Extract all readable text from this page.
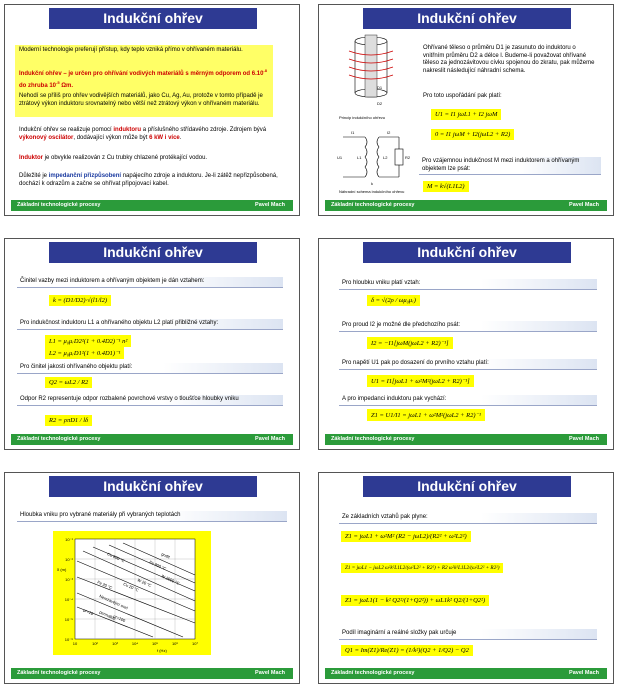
Indukční ohřev
Moderní technologie preferují přístup, kdy teplo vzniká přímo v ohřívaném materiálu.
Indukční ohřev – je určen pro ohřívání vodivých materiálů s měrným odporem od $6.10^{-8}$ do zhruba $10^{-5}$ Ωm.
Nehodí se příliš pro ohřev vodivějších materiálů, jako Cu, Ag, Au, protože v tomto případě je ztrátový výkon induktoru srovnatelný nebo větší než ztrátový výkon v ohřívaném materiálu.
Indukční ohřev se realizuje pomocí induktoru a příslušného střídavého zdroje. Zdrojem bývá výkonový oscilátor, dodávající výkon může být 6 kW i více.
Induktor je obvykle realizován z Cu trubky chlazené protékající vodou.
Důležité je impedanční přizpůsobení napájecího zdroje a induktoru. Je-li zátěž nepřizpůsobená, dochází k odrazům a začne se ohřívat připojovací kabel.
Základní technologické procesy	Pavel Mach
Indukční ohřev
D1
D2
Princip indukčního ohřevu
U1	L1	L2	R2
I1	I2
k
Náhradní schema indukčního ohřevu
Ohřívané těleso o průměru D1 je zasunuto do induktoru o vnitřním průměru D2 a délce l. Budeme-li považovat ohřívané těleso za jednozávitovou cívku spojenou do zkratu, pak můžeme nakreslit následující náhradní schema.
Pro toto uspořádání pak platí:
U1 = I1 jωL1 + I2 jωM
0 = I1 jωM + I2(jωL2 + R2)
Pro vzájemnou indukčnost M mezi induktorem a ohřívaným objektem lze psát:
M = k√(L1L2)
Základní technologické procesy	Pavel Mach
Indukční ohřev
Činitel vazby mezi induktorem a ohřívaným objektem je dán vztahem:
k = (D1/D2)·√(l1/l2)
Pro indukčnost induktoru L1 a ohřívaného objektu L2 platí přibližné vztahy:
L1 = μ₀μᵣD2²(1 + 0.4D2)⁻¹ n²
L2 = μ₀μᵣD1²(1 + 0.4D1)⁻¹
Pro činitel jakosti ohřívaného objektu platí:
Q2 = ωL2 / R2
Odpor R2 representuje odpor rozbalené povrchové vrstvy o tloušťce hloubky vniku
R2 = ρπD1 / lδ
Základní technologické procesy	Pavel Mach
Indukční ohřev
Pro hloubku vniku platí vztah:
δ = √(2ρ / ωμ₀μᵣ)
Pro proud I2 je možné dle předchozího psát:
I2 = −I1[jωM(jωL2 + R2)⁻¹]
Pro napětí U1 pak po dosazení do prvního vztahu platí:
U1 = I1[jωL1 + ω²M²(jωL2 + R2)⁻¹]
A pro impedanci induktoru pak vychází:
Z1 = U1/I1 = jωL1 + ω²M²(jωL2 + R2)⁻¹
Základní technologické procesy	Pavel Mach
Indukční ohřev
Hloubka vniku pro vybrané materiály při vybraných teplotách
grafit
Fe 800 °C
W 2000 °C
Cu 800 °C
W 20 °C
Cu 20 °C
Fe 20 °C
Nerezavějící ocel
permalloy
µr=100
µr=10
10⁻¹
10⁻²
10⁻³
10⁻⁴
10⁻⁵
10⁻⁶
10	10²	10³	10⁴	10⁵	10⁶	10⁷
δ (m)
f (Hz)
Základní technologické procesy	Pavel Mach
Indukční ohřev
Ze základních vztahů pak plyne:
Z1 = jωL1 + ω²M² (R2 − jωL2)/(R2² + ω²L2²)
Z1 = jωL1 − jωL2 ω²k²L1L2/(ω²L2² + R2²) + R2 ω²k²L1L2/(ω²L2² + R2²)
Z1 = jωL1(1 − k² Q2²/(1+Q2²)) + ωL1k² Q2/(1+Q2²)
Podíl imaginární a reálné složky pak určuje
Q1 = Im(Z1)/Re(Z1) = (1/k²)(Q2 + 1/Q2) − Q2
Základní technologické procesy	Pavel Mach
